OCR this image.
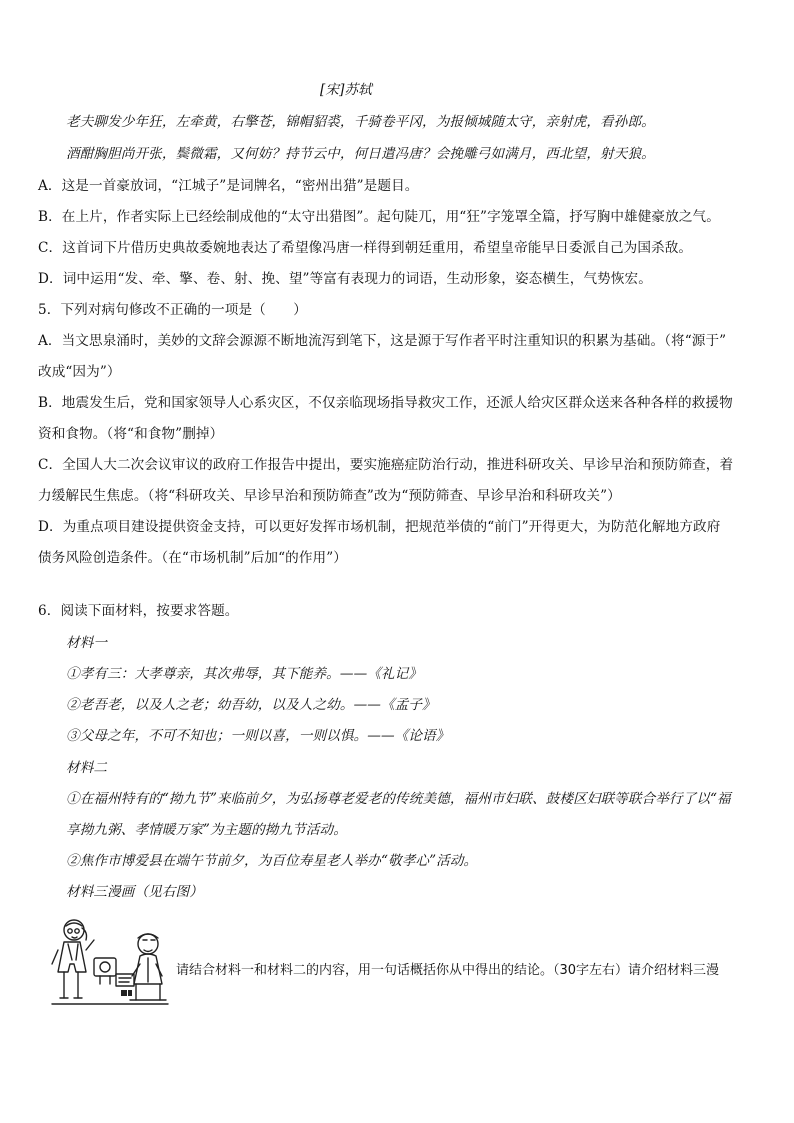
[宋]苏轼
老夫聊发少年狂，左牵黄，右擎苍，锦帽貂裘，千骑卷平冈，为报倾城随太守，亲射虎，看孙郎。
酒酣胸胆尚开张，鬓微霜，又何妨？持节云中，何日遣冯唐？会挽雕弓如满月，西北望，射天狼。
A．这是一首豪放词，“江城子”是词牌名，“密州出猎”是题目。
B．在上片，作者实际上已经绘制成他的“太守出猎图”。起句陡兀，用“狂”字笼罩全篇，抒写胸中雄健豪放之气。
C．这首词下片借历史典故委婉地表达了希望像冯唐一样得到朝廷重用，希望皇帝能早日委派自己为国杀敌。
D．词中运用“发、牵、擎、卷、射、挽、望”等富有表现力的词语，生动形象，姿态横生，气势恢宏。
5．下列对病句修改不正确的一项是（　　）
A．当文思泉涌时，美妙的文辞会源源不断地流泻到笔下，这是源于写作者平时注重知识的积累为基础。（将“源于”
改成“因为”）
B．地震发生后，党和国家领导人心系灾区，不仅亲临现场指导救灾工作，还派人给灾区群众送来各种各样的救援物
资和食物。（将“和食物”删掉）
C．全国人大二次会议审议的政府工作报告中提出，要实施癌症防治行动，推进科研攻关、早诊早治和预防筛查，着
力缓解民生焦虑。（将“科研攻关、早诊早治和预防筛查”改为“预防筛查、早诊早治和科研攻关”）
D．为重点项目建设提供资金支持，可以更好发挥市场机制，把规范举债的“前门”开得更大，为防范化解地方政府
债务风险创造条件。（在“市场机制”后加“的作用”）
6．阅读下面材料，按要求答题。
材料一
①孝有三：大孝尊亲，其次弗辱，其下能养。——《礼记》
②老吾老，以及人之老；幼吾幼，以及人之幼。——《孟子》
③父母之年，不可不知也；一则以喜，一则以惧。——《论语》
材料二
①在福州特有的“拗九节”来临前夕，为弘扬尊老爱老的传统美德，福州市妇联、鼓楼区妇联等联合举行了以“福
享拗九粥、孝情暖万家”为主题的拗九节活动。
②焦作市博爱县在端午节前夕，为百位寿星老人举办“敬孝心”活动。
材料三漫画（见右图）
请结合材料一和材料二的内容，用一句话概括你从中得出的结论。（30字左右）请介绍材料三漫
